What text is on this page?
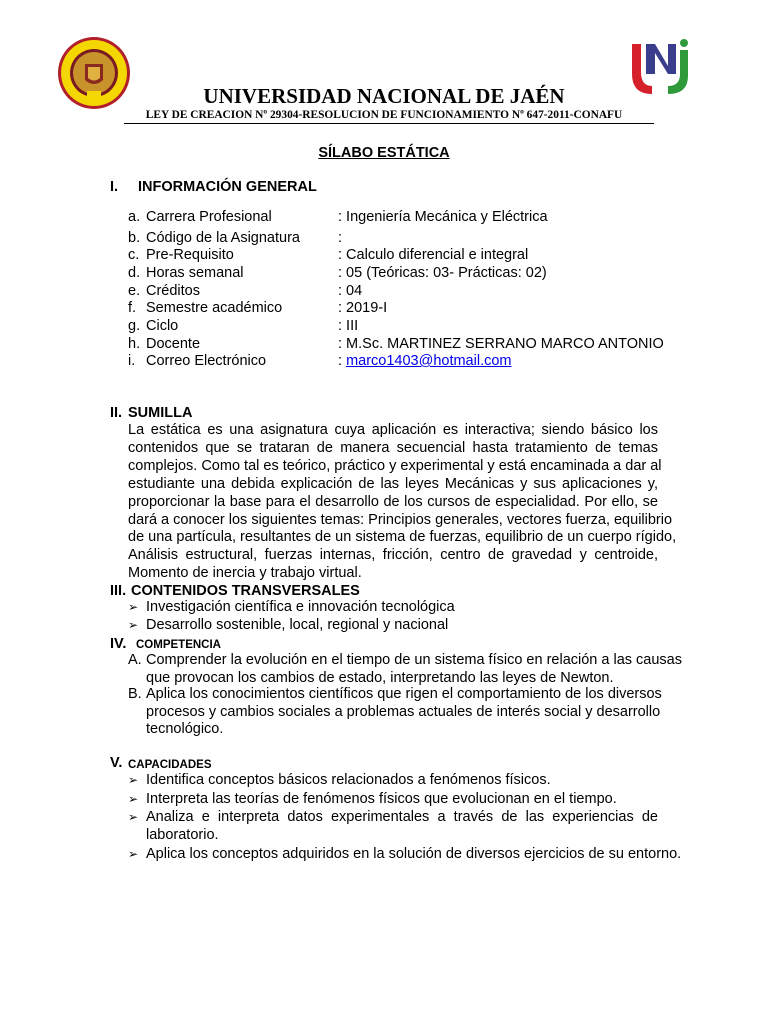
UNIVERSIDAD NACIONAL DE JAÉN
LEY DE CREACION Nº 29304-RESOLUCION DE FUNCIONAMIENTO Nº 647-2011-CONAFU
SÍLABO ESTÁTICA
I. INFORMACIÓN GENERAL
a. Carrera Profesional	: Ingeniería Mecánica y Eléctrica
b. Código de la Asignatura	:
c. Pre-Requisito	: Calculo diferencial e integral
d. Horas semanal	: 05 (Teóricas: 03- Prácticas: 02)
e. Créditos	: 04
f. Semestre académico	: 2019-I
g. Ciclo	: III
h. Docente	: M.Sc. MARTINEZ SERRANO MARCO ANTONIO
i. Correo Electrónico	: marco1403@hotmail.com
II. SUMILLA
La estática es una asignatura cuya aplicación es interactiva; siendo básico los
contenidos que se trataran de manera secuencial hasta tratamiento de temas
complejos. Como tal es teórico, práctico y experimental y está encaminada a dar al
estudiante una debida explicación de las leyes Mecánicas y sus aplicaciones y,
proporcionar la base para el desarrollo de los cursos de especialidad. Por ello, se
dará a conocer los siguientes temas: Principios generales, vectores fuerza, equilibrio
de una partícula, resultantes de un sistema de fuerzas, equilibrio de un cuerpo rígido,
Análisis estructural, fuerzas internas, fricción, centro de gravedad y centroide,
Momento de inercia y trabajo virtual.
III. CONTENIDOS TRANSVERSALES
➢ Investigación científica e innovación tecnológica
➢ Desarrollo sostenible, local, regional y nacional
IV. COMPETENCIA
A. Comprender la evolución en el tiempo de un sistema físico en relación a las causas
que provocan los cambios de estado, interpretando las leyes de Newton.
B. Aplica los conocimientos científicos que rigen el comportamiento de los diversos
procesos y cambios sociales a problemas actuales de interés social y desarrollo
tecnológico.
V. CAPACIDADES
➢ Identifica conceptos básicos relacionados a fenómenos físicos.
➢ Interpreta las teorías de fenómenos físicos que evolucionan en el tiempo.
➢ Analiza e interpreta datos experimentales a través de las experiencias de
laboratorio.
➢ Aplica los conceptos adquiridos en la solución de diversos ejercicios de su entorno.
